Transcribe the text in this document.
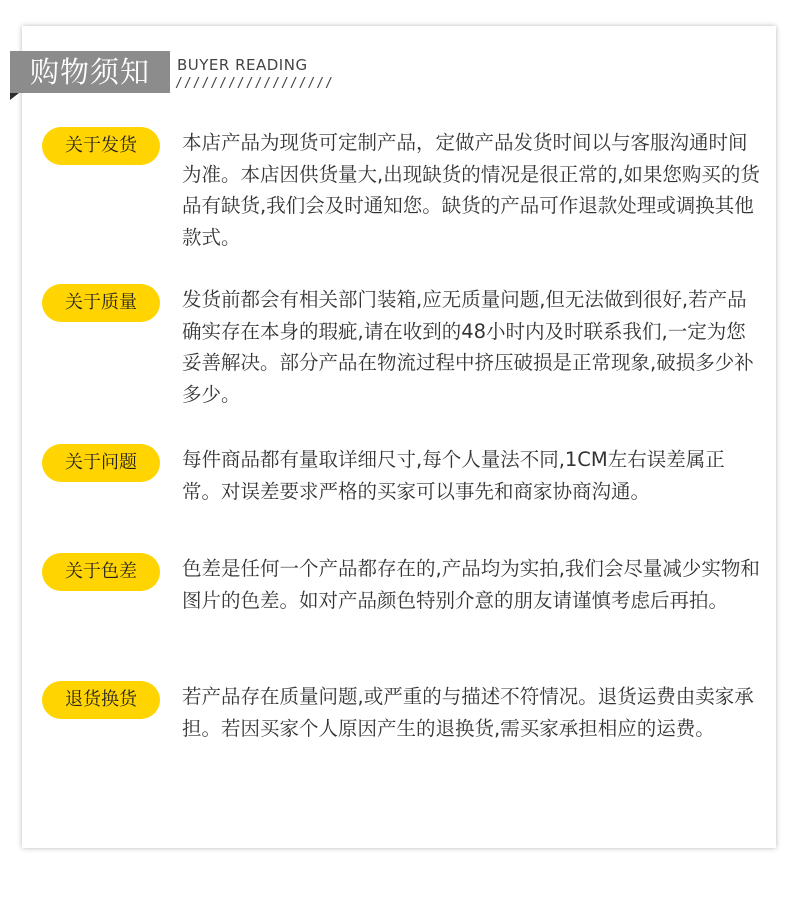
购物须知	BUYER READING
//////////////////
关于发货	本店产品为现货可定制产品，定做产品发货时间以与客服沟通时间为准。本店因供货量大,出现缺货的情况是很正常的,如果您购买的货品有缺货,我们会及时通知您。缺货的产品可作退款处理或调换其他款式。

关于质量	发货前都会有相关部门装箱,应无质量问题,但无法做到很好,若产品确实存在本身的瑕疵,请在收到的48小时内及时联系我们,一定为您妥善解决。部分产品在物流过程中挤压破损是正常现象,破损多少补多少。

关于问题	每件商品都有量取详细尺寸,每个人量法不同,1CM左右误差属正常。对误差要求严格的买家可以事先和商家协商沟通。

关于色差	色差是任何一个产品都存在的,产品均为实拍,我们会尽量减少实物和图片的色差。如对产品颜色特别介意的朋友请谨慎考虑后再拍。

退货换货	若产品存在质量问题,或严重的与描述不符情况。退货运费由卖家承担。若因买家个人原因产生的退换货,需买家承担相应的运费。
